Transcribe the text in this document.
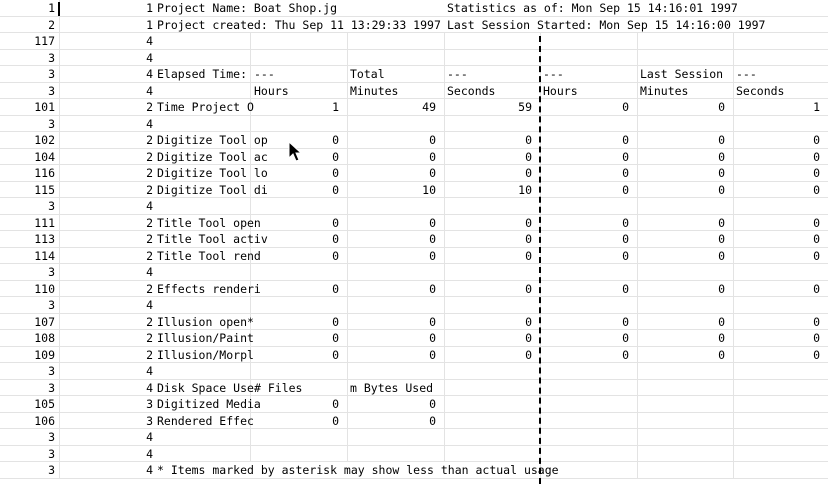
1	1 Project Name: Boat Shop.jg	Statistics as of: Mon Sep 15 14:16:01 1997
2	1 Project created: Thu Sep 11 13:29:33 1997 Last Session Started: Mon Sep 15 14:16:00 1997
117	4
3	4
3	4 Elapsed Time: ---	Total	---	---	Last Session	---
3	4	Hours	Minutes	Seconds	Hours	Minutes	Seconds
101	2 Time Project O	1	49	59	0	0	1
3	4
102	2 Digitize Tool op	0	0	0	0	0	0
104	2 Digitize Tool ac	0	0	0	0	0	0
116	2 Digitize Tool lo	0	0	0	0	0	0
115	2 Digitize Tool di	0	10	10	0	0	0
3	4
111	2 Title Tool open	0	0	0	0	0	0
113	2 Title Tool activ	0	0	0	0	0	0
114	2 Title Tool rend	0	0	0	0	0	0
3	4
110	2 Effects renderi	0	0	0	0	0	0
3	4
107	2 Illusion open*	0	0	0	0	0	0
108	2 Illusion/Paint	0	0	0	0	0	0
109	2 Illusion/Morpl	0	0	0	0	0	0
3	4
3	4 Disk Space Use # Files	m Bytes Used
105	3 Digitized Media	0	0
106	3 Rendered Effec	0	0
3	4
3	4
3	4 * Items marked by asterisk may show less than actual usage
